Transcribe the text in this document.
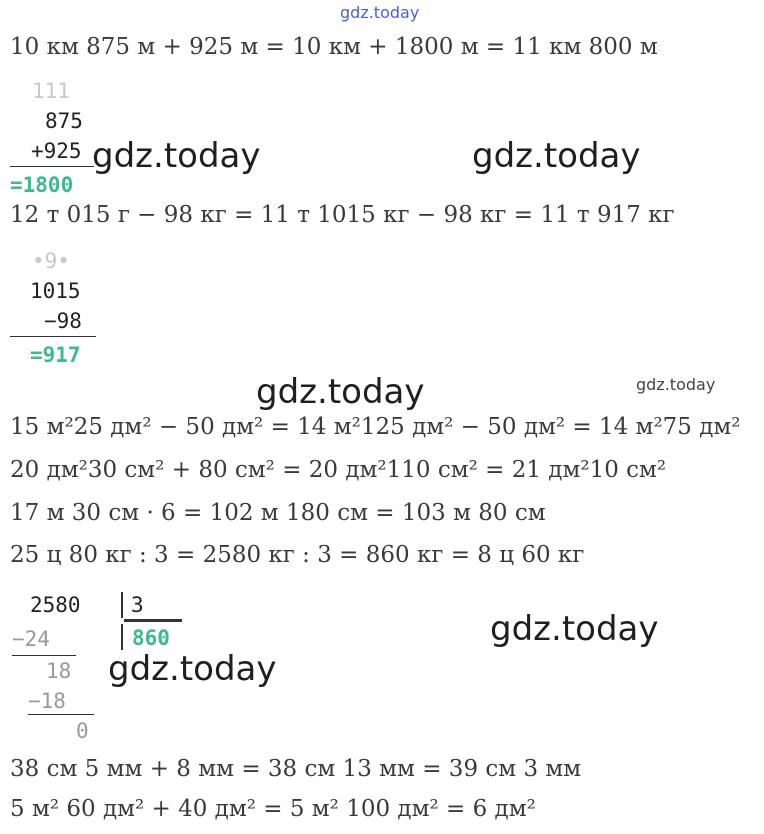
gdz.today
10 км 875 м + 925 м = 10 км + 1800 м = 11 км 800 м
111
875
+925
=1800
gdz.today	gdz.today
12 т 015 г − 98 кг = 11 т 1015 кг − 98 кг = 11 т 917 кг
•9•
1015
−98
=917
gdz.today	gdz.today
15 м²25 дм² − 50 дм² = 14 м²125 дм² − 50 дм² = 14 м²75 дм²
20 дм²30 см² + 80 см² = 20 дм²110 см² = 21 дм²10 см²
17 м 30 см · 6 = 102 м 180 см = 103 м 80 см
25 ц 80 кг : 3 = 2580 кг : 3 = 860 кг = 8 ц 60 кг
2580 3
860
−24
18
−18
0
gdz.today
gdz.today
38 см 5 мм + 8 мм = 38 см 13 мм = 39 см 3 мм
5 м² 60 дм² + 40 дм² = 5 м² 100 дм² = 6 дм²
